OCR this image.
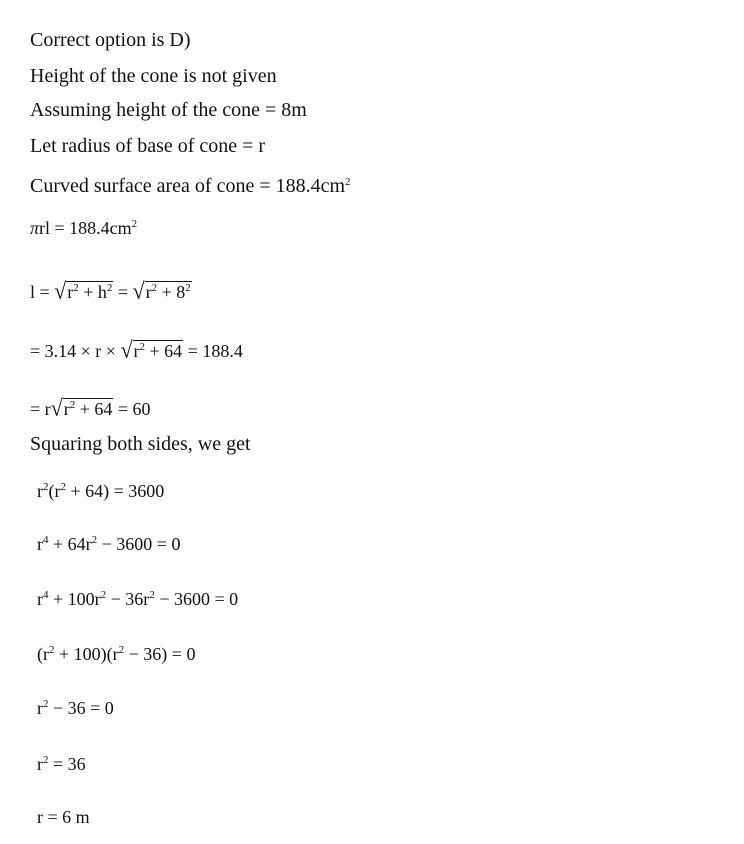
Correct option is D)
Height of the cone is not given
Assuming height of the cone = 8m
Let radius of base of cone = r
Curved surface area of cone = $188.4cm^2$
$\pi rl = 188.4cm^2$
$l = √r^2 + h^2 = √r^2 + 8^2$
= $3.14 \times r \times √r^2 + 64 = 188.4$
= $r√r^2 + 64 = 60$
Squaring both sides, we get
$r^2(r^2 + 64) = 3600$
$r^4 + 64r^2 - 3600 = 0$
$r^4 + 100r^2 - 36r^2 - 3600 = 0$
$(r^2 + 100)(r^2 - 36) = 0$
$r^2 - 36 = 0$
$r^2 = 36$
r = 6 m
